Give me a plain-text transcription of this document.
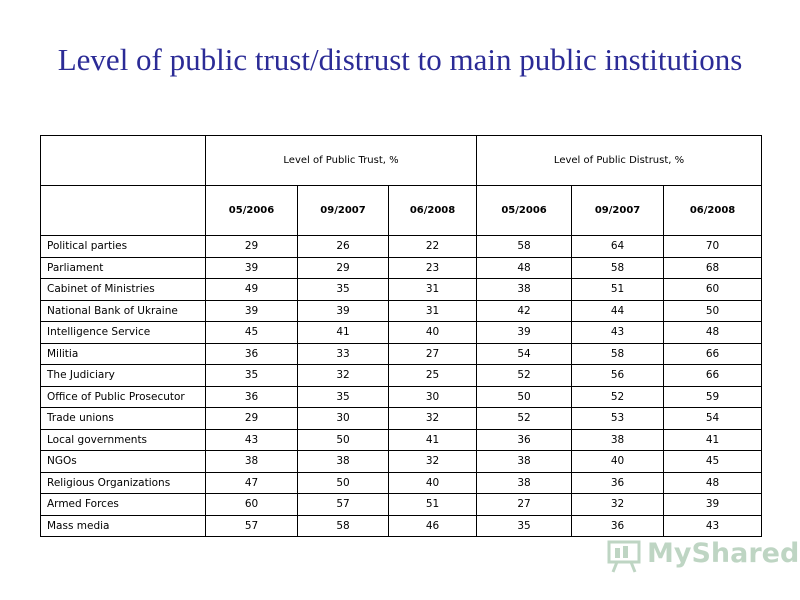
Level of public trust/distrust to main public institutions
	Level of Public Trust, %			Level of Public Distrust, %		
	05/2006	09/2007	06/2008	05/2006	09/2007	06/2008
Political parties	29	26	22	58	64	70
Parliament	39	29	23	48	58	68
Cabinet of Ministries	49	35	31	38	51	60
National Bank of Ukraine	39	39	31	42	44	50
Intelligence Service	45	41	40	39	43	48
Militia	36	33	27	54	58	66
The Judiciary	35	32	25	52	56	66
Office of Public Prosecutor	36	35	30	50	52	59
Trade unions	29	30	32	52	53	54
Local governments	43	50	41	36	38	41
NGOs	38	38	32	38	40	45
Religious Organizations	47	50	40	38	36	48
Armed Forces	60	57	51	27	32	39
Mass media	57	58	46	35	36	43
MyShared
